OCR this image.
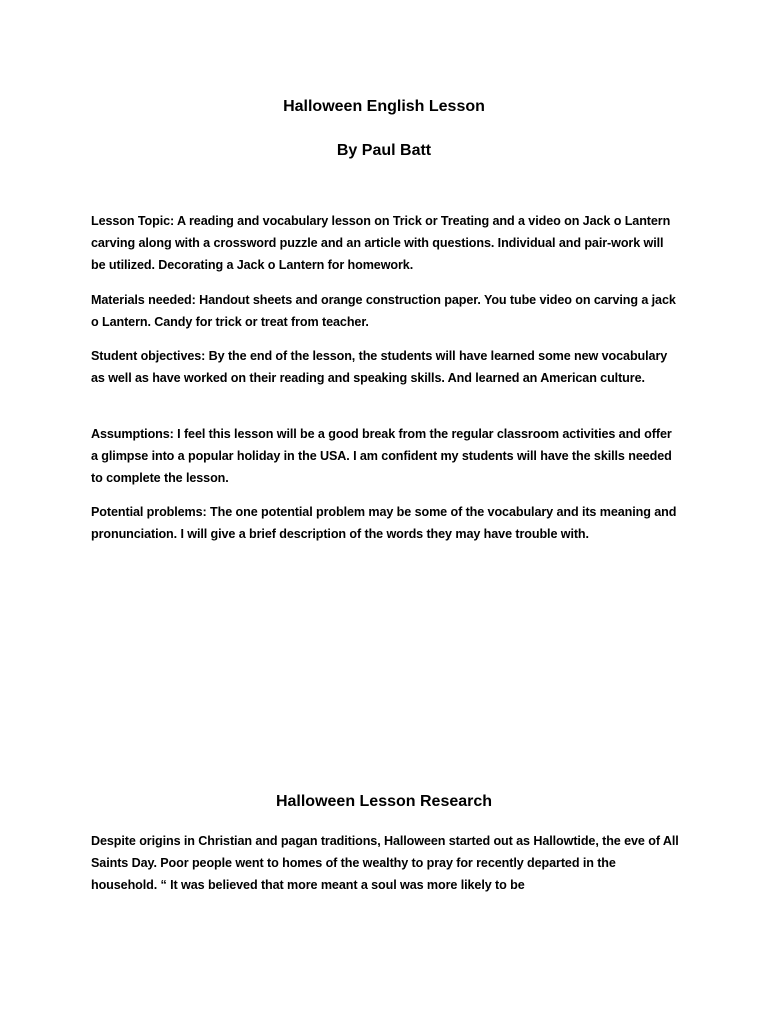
Halloween English Lesson
By Paul Batt

Lesson Topic: A reading and vocabulary lesson on Trick or Treating and a video on Jack o Lantern carving along with a crossword puzzle and an article with questions. Individual and pair-work will be utilized. Decorating a Jack o Lantern for homework.

Materials needed: Handout sheets and orange construction paper. You tube video on carving a jack o Lantern. Candy for trick or treat from teacher.

Student objectives: By the end of the lesson, the students will have learned some new vocabulary as well as have worked on their reading and speaking skills. And learned an American culture.

Assumptions: I feel this lesson will be a good break from the regular classroom activities and offer a glimpse into a popular holiday in the USA. I am confident my students will have the skills needed to complete the lesson.

Potential problems: The one potential problem may be some of the vocabulary and its meaning and pronunciation. I will give a brief description of the words they may have trouble with.

Halloween Lesson Research

Despite origins in Christian and pagan traditions, Halloween started out as Hallowtide, the eve of All Saints Day. Poor people went to homes of the wealthy to pray for recently departed in the household. “ It was believed that more meant a soul was more likely to be
